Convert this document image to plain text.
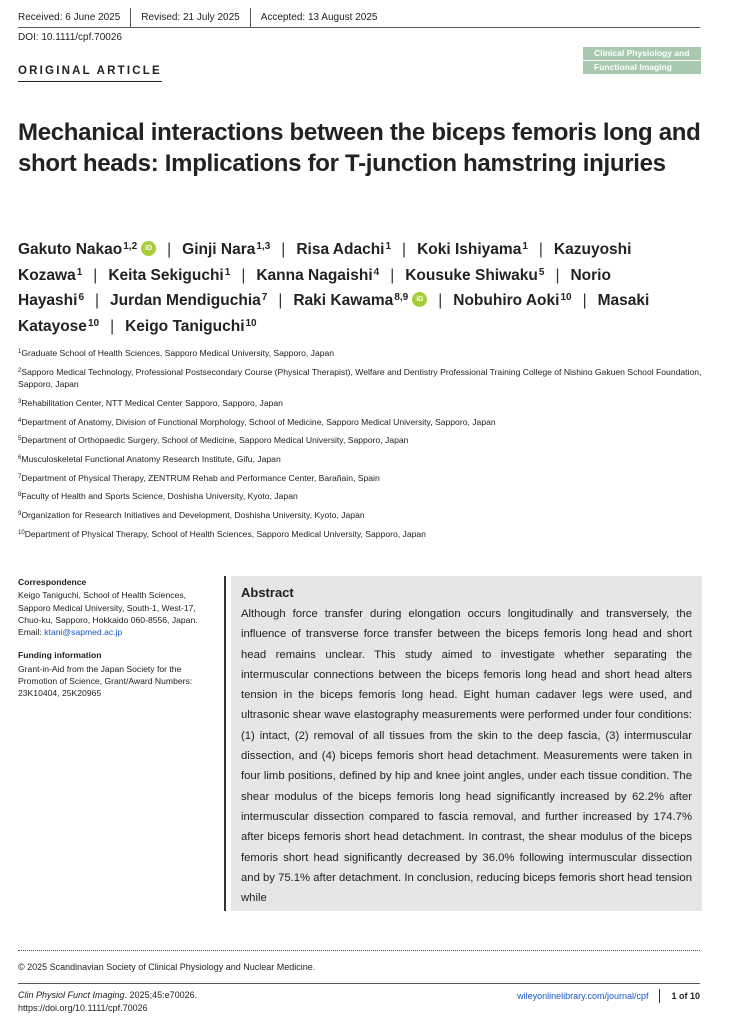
Received: 6 June 2025 Revised: 21 July 2025 Accepted: 13 August 2025
DOI: 10.1111/cpf.70026
ORIGINAL ARTICLE
Clinical Physiology and
Functional Imaging
Mechanical interactions between the biceps femoris long and short heads: Implications for T-junction hamstring injuries
Gakuto Nakao$^{1,2}$ iD | Ginji Nara$^{1,3}$ | Risa Adachi$^1$ | Koki Ishiyama$^1$ | Kazuyoshi Kozawa$^1$ | Keita Sekiguchi$^1$ | Kanna Nagaishi$^4$ | Kousuke Shiwaku$^5$ | Norio Hayashi$^6$ | Jurdan Mendiguchia$^7$ | Raki Kawama$^{8,9}$ iD | Nobuhiro Aoki$^{10}$ | Masaki Katayose$^{10}$ | Keigo Taniguchi$^{10}$
$^1$Graduate School of Health Sciences, Sapporo Medical University, Sapporo, Japan
$^2$Sapporo Medical Technology, Professional Postsecondary Course (Physical Therapist), Welfare and Dentistry Professional Training College of Nishino Gakuen School Foundation, Sapporo, Japan
$^3$Rehabilitation Center, NTT Medical Center Sapporo, Sapporo, Japan
$^4$Department of Anatomy, Division of Functional Morphology, School of Medicine, Sapporo Medical University, Sapporo, Japan
$^5$Department of Orthopaedic Surgery, School of Medicine, Sapporo Medical University, Sapporo, Japan
$^6$Musculoskeletal Functional Anatomy Research Institute, Gifu, Japan
$^7$Department of Physical Therapy, ZENTRUM Rehab and Performance Center, Barañain, Spain
$^8$Faculty of Health and Sports Science, Doshisha University, Kyoto, Japan
$^9$Organization for Research Initiatives and Development, Doshisha University, Kyoto, Japan
$^{10}$Department of Physical Therapy, School of Health Sciences, Sapporo Medical University, Sapporo, Japan
Correspondence
Keigo Taniguchi, School of Health Sciences, Sapporo Medical University, South-1, West-17, Chuo-ku, Sapporo, Hokkaido 060-8556, Japan. Email: ktani@sapmed.ac.jp
Funding information
Grant-in-Aid from the Japan Society for the Promotion of Science, Grant/Award Numbers: 23K10404, 25K20965
Abstract

Although force transfer during elongation occurs longitudinally and transversely, the influence of transverse force transfer between the biceps femoris long head and short head remains unclear. This study aimed to investigate whether separating the intermuscular connections between the biceps femoris long head and short head alters tension in the biceps femoris long head. Eight human cadaver legs were used, and ultrasonic shear wave elastography measurements were performed under four conditions: (1) intact, (2) removal of all tissues from the skin to the deep fascia, (3) intermuscular dissection, and (4) biceps femoris short head detachment. Measurements were taken in four limb positions, defined by hip and knee joint angles, under each tissue condition. The shear modulus of the biceps femoris long head significantly increased by 62.2% after intermuscular dissection compared to fascia removal, and further increased by 174.7% after biceps femoris short head detachment. In contrast, the shear modulus of the biceps femoris short head significantly decreased by 36.0% following intermuscular dissection and by 75.1% after detachment. In conclusion, reducing biceps femoris short head tension while

© 2025 Scandinavian Society of Clinical Physiology and Nuclear Medicine.
Clin Physiol Funct Imaging. 2025;45:e70026.
https://doi.org/10.1111/cpf.70026
wileyonlinelibrary.com/journal/cpf	1 of 10
